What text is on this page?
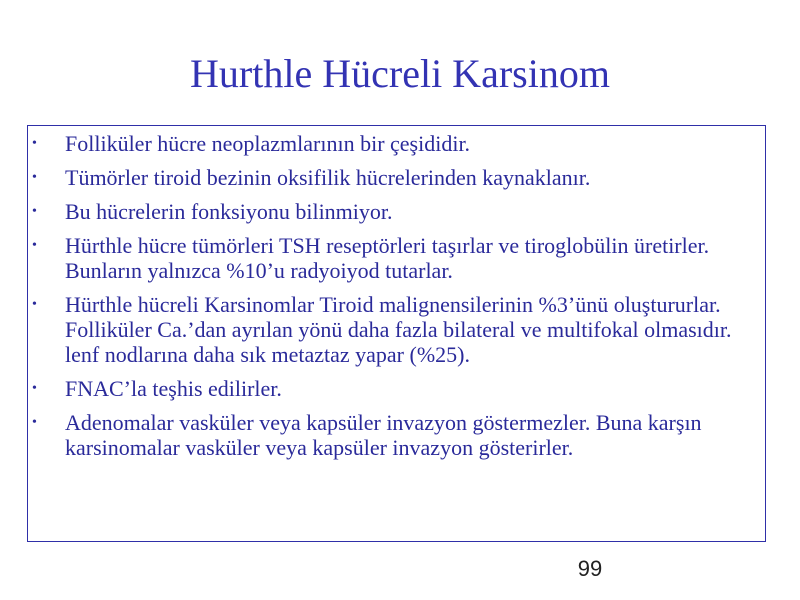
Hurthle Hücreli Karsinom
• Folliküler hücre neoplazmlarının bir çeşididir.
• Tümörler tiroid bezinin oksifilik hücrelerinden kaynaklanır.
• Bu hücrelerin fonksiyonu bilinmiyor.
• Hürthle hücre tümörleri TSH reseptörleri taşırlar ve tiroglobülin üretirler. Bunların yalnızca %10’u radyoiyod tutarlar.
• Hürthle hücreli Karsinomlar Tiroid malignensilerinin %3’ünü oluştururlar. Folliküler Ca.’dan ayrılan yönü daha fazla bilateral ve multifokal olmasıdır. lenf nodlarına daha sık metaztaz yapar (%25).
• FNAC’la teşhis edilirler.
• Adenomalar vasküler veya kapsüler invazyon göstermezler. Buna karşın karsinomalar vasküler veya kapsüler invazyon gösterirler.
99
